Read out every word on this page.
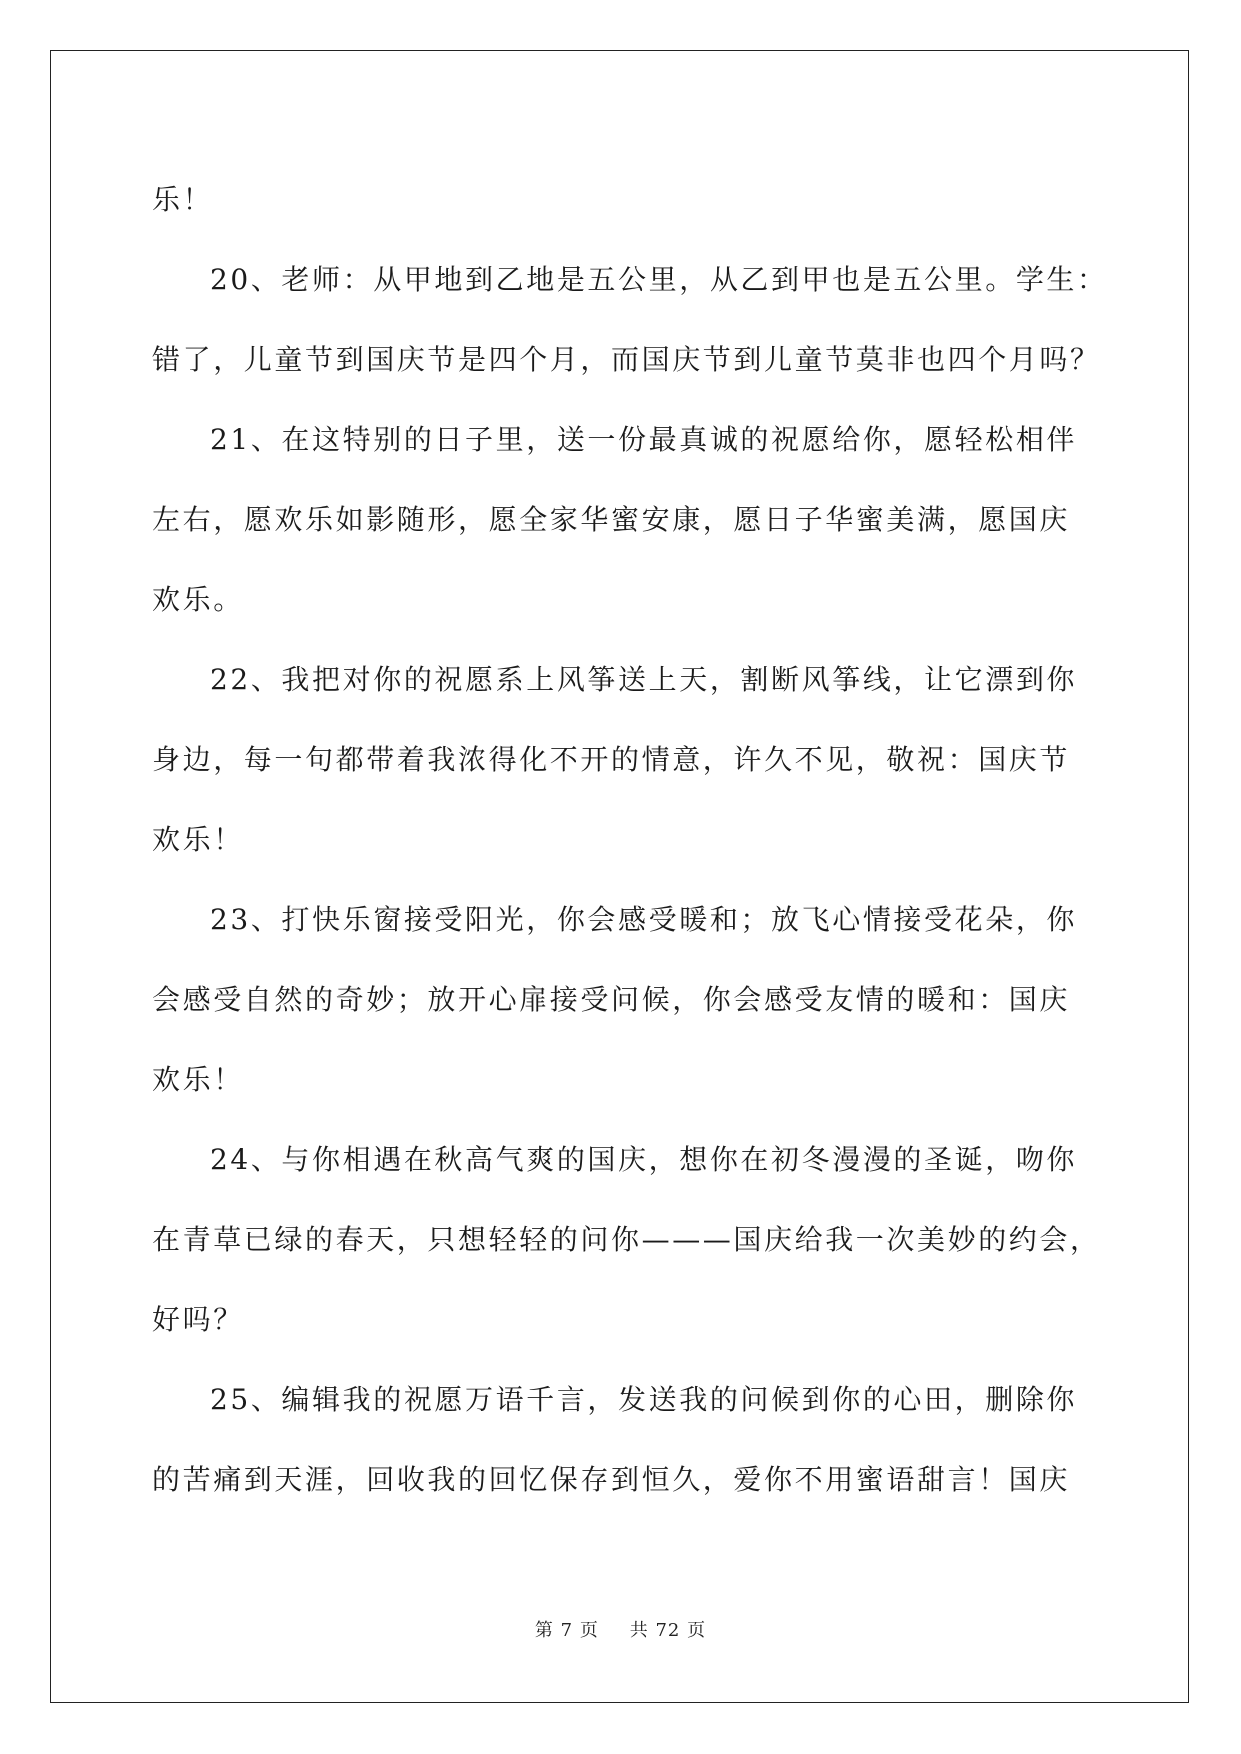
乐！
20、老师：从甲地到乙地是五公里，从乙到甲也是五公里。学生：
错了，儿童节到国庆节是四个月，而国庆节到儿童节莫非也四个月吗？
21、在这特别的日子里，送一份最真诚的祝愿给你，愿轻松相伴
左右，愿欢乐如影随形，愿全家华蜜安康，愿日子华蜜美满，愿国庆
欢乐。
22、我把对你的祝愿系上风筝送上天，割断风筝线，让它漂到你
身边，每一句都带着我浓得化不开的情意，许久不见，敬祝：国庆节
欢乐！
23、打快乐窗接受阳光，你会感受暖和；放飞心情接受花朵，你
会感受自然的奇妙；放开心扉接受问候，你会感受友情的暖和：国庆
欢乐！
24、与你相遇在秋高气爽的国庆，想你在初冬漫漫的圣诞，吻你
在青草已绿的春天，只想轻轻的问你———国庆给我一次美妙的约会，
好吗？
25、编辑我的祝愿万语千言，发送我的问候到你的心田，删除你
的苦痛到天涯，回收我的回忆保存到恒久，爱你不用蜜语甜言！国庆
第 7 页 共 72 页
